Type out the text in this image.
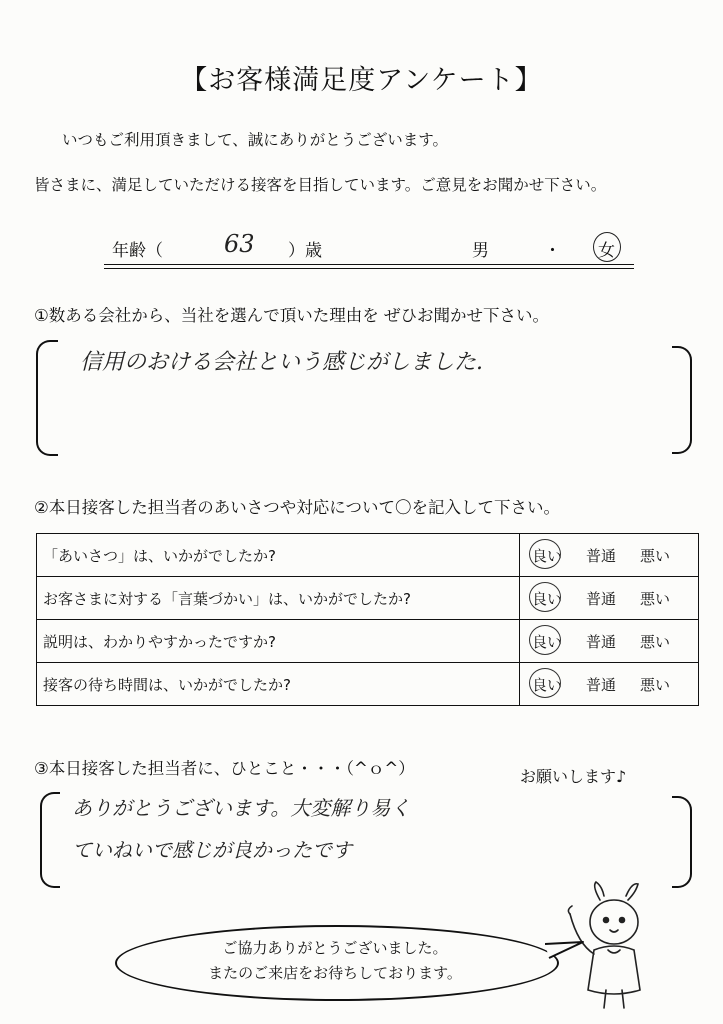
【お客様満足度アンケート】
いつもご利用頂きまして、誠にありがとうございます。
皆さまに、満足していただける接客を目指しています。ご意見をお聞かせ下さい。
年齢（	63 ）歳	男	・ 女
①数ある会社から、当社を選んで頂いた理由を ぜひお聞かせ下さい。
信用のおける会社という感じがしました.
②本日接客した担当者のあいさつや対応について〇を記入して下さい。
「あいさつ」は、いかがでしたか?	良い 普通 悪い
お客さまに対する「言葉づかい」は、いかがでしたか?	良い 普通 悪い
説明は、わかりやすかったですか?	良い 普通 悪い
接客の待ち時間は、いかがでしたか?	良い 普通 悪い
③本日接客した担当者に、ひとこと・・・（^ｏ^）	お願いします♪
ありがとうございます。大変解り易く
ていねいで感じが良かったです
ご協力ありがとうございました。
またのご来店をお待ちしております。
